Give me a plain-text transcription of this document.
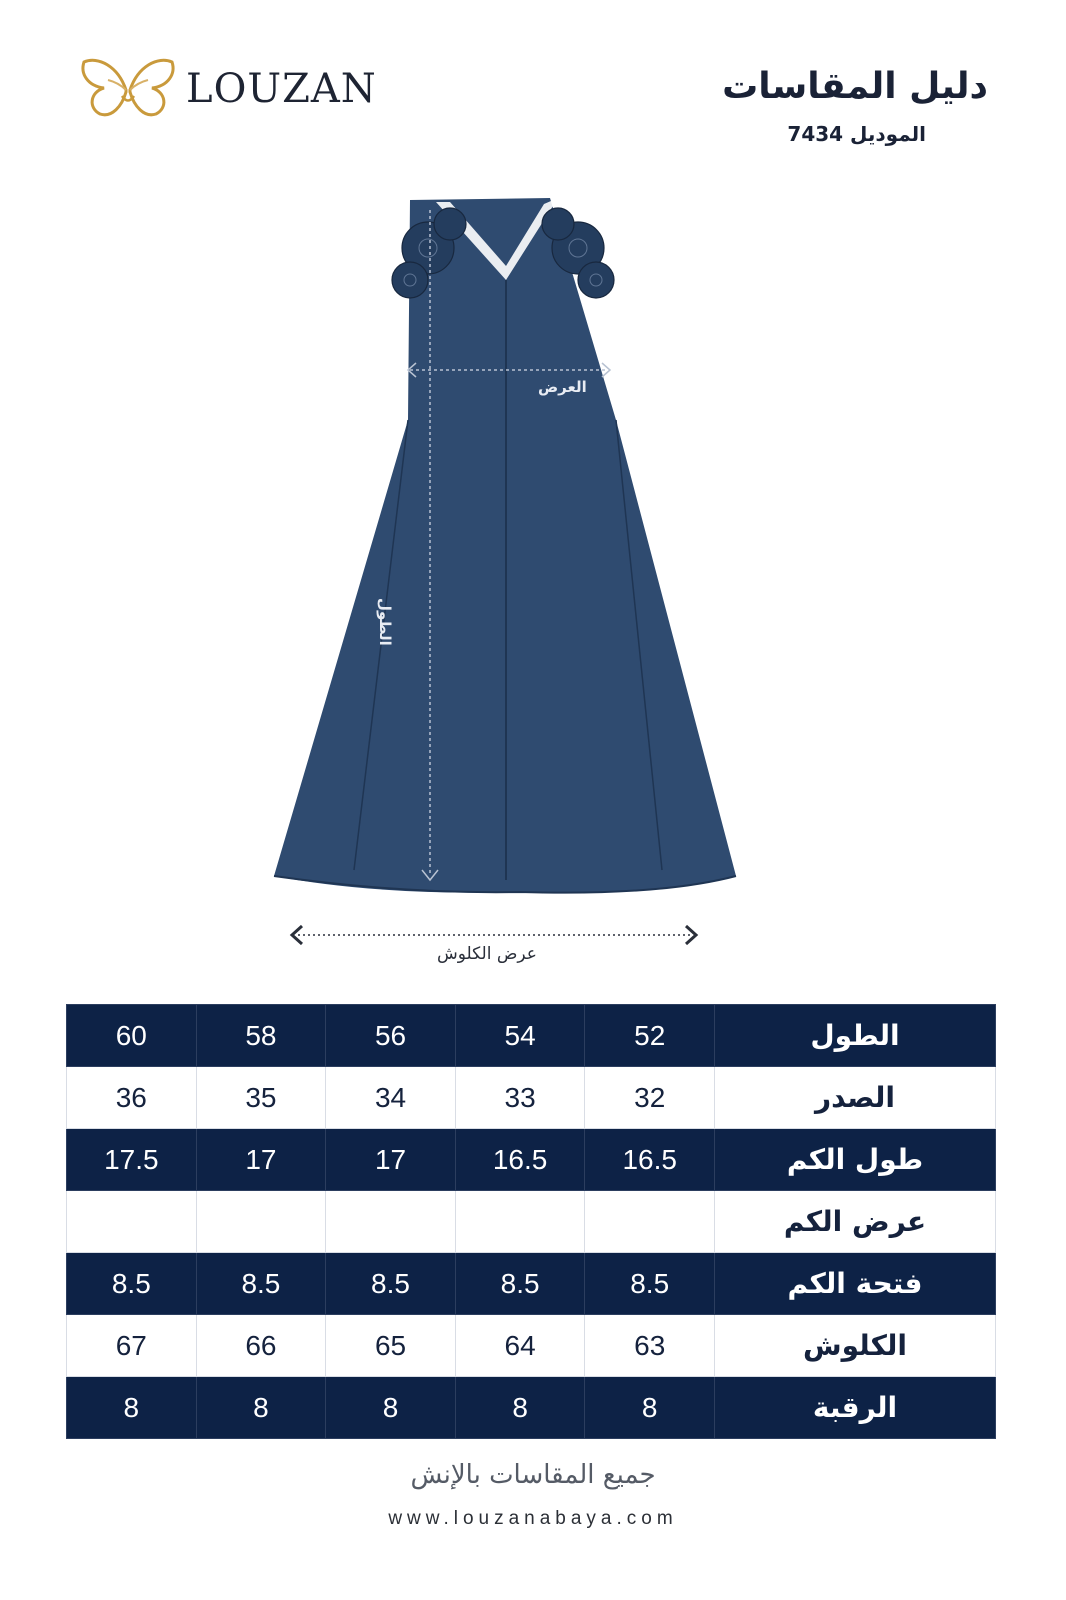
LOUZAN	دليل المقاسات
الموديل 7434
العرض
الطول
عرض الكلوش
الطول	52	54	56	58	60
الصدر	32	33	34	35	36
طول الكم	16.5	16.5	17	17	17.5
عرض الكم					
فتحة الكم	8.5	8.5	8.5	8.5	8.5
الكلوش	63	64	65	66	67
الرقبة	8	8	8	8	8
جميع المقاسات بالإنش
www.louzanabaya.com
